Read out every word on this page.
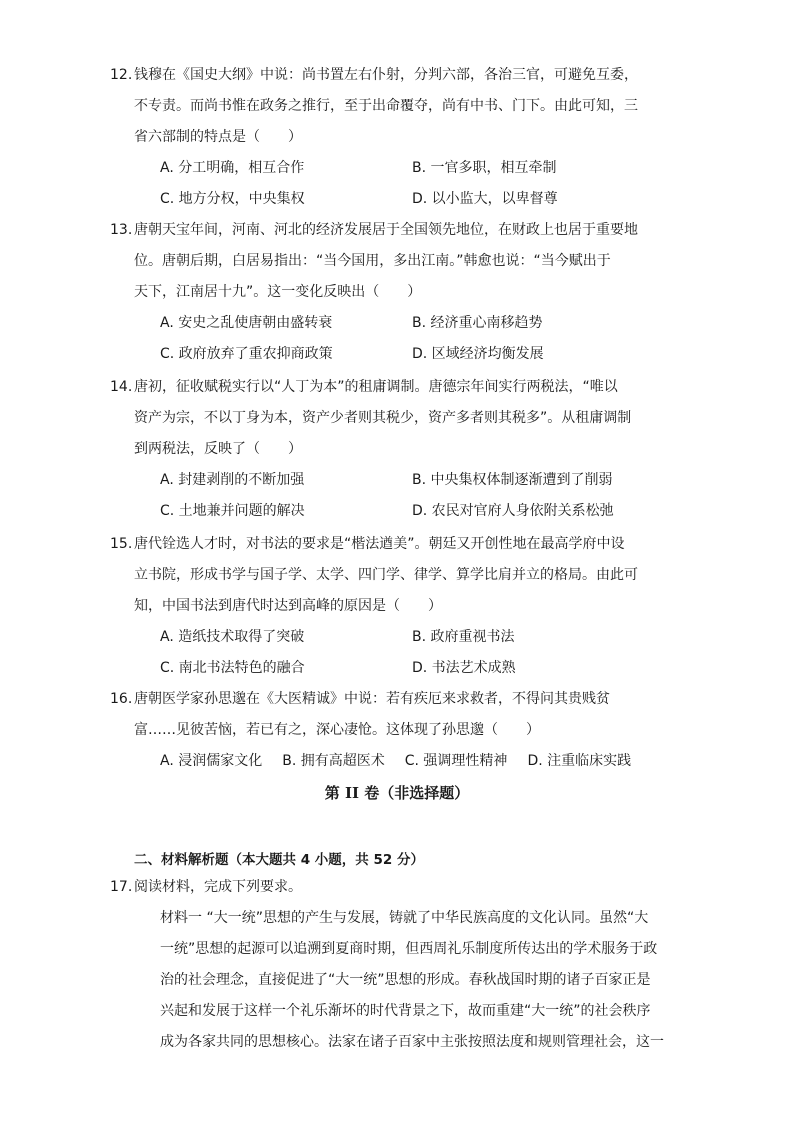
12. 钱穆在《国史大纲》中说：尚书置左右仆射，分判六部，各治三官，可避免互委，
不专责。而尚书惟在政务之推行，至于出命覆夺，尚有中书、门下。由此可知，三
省六部制的特点是（　　）
A. 分工明确，相互合作	B. 一官多职，相互牵制
C. 地方分权，中央集权	D. 以小监大，以卑督尊
13. 唐朝天宝年间，河南、河北的经济发展居于全国领先地位，在财政上也居于重要地
位。唐朝后期，白居易指出：“当今国用，多出江南。”韩愈也说：“当今赋出于
天下，江南居十九”。这一变化反映出（　　）
A. 安史之乱使唐朝由盛转衰	B. 经济重心南移趋势
C. 政府放弃了重农抑商政策	D. 区域经济均衡发展
14. 唐初，征收赋税实行以“人丁为本”的租庸调制。唐德宗年间实行两税法，“唯以
资产为宗，不以丁身为本，资产少者则其税少，资产多者则其税多”。从租庸调制
到两税法，反映了（　　）
A. 封建剥削的不断加强	B. 中央集权体制逐渐遭到了削弱
C. 土地兼并问题的解决	D. 农民对官府人身依附关系松弛
15. 唐代铨选人才时，对书法的要求是“楷法遒美”。朝廷又开创性地在最高学府中设
立书院，形成书学与国子学、太学、四门学、律学、算学比肩并立的格局。由此可
知，中国书法到唐代时达到高峰的原因是（　　）
A. 造纸技术取得了突破	B. 政府重视书法
C. 南北书法特色的融合	D. 书法艺术成熟
16. 唐朝医学家孙思邈在《大医精诚》中说：若有疾厄来求救者，不得问其贵贱贫
富……见彼苦恼，若已有之，深心凄怆。这体现了孙思邈（　　）
A. 浸润儒家文化 B. 拥有高超医术 C. 强调理性精神 D. 注重临床实践
第 II 卷（非选择题）
二、材料解析题（本大题共 4 小题，共 52 分）
17. 阅读材料，完成下列要求。
材料一 “大一统”思想的产生与发展，铸就了中华民族高度的文化认同。虽然“大
一统”思想的起源可以追溯到夏商时期，但西周礼乐制度所传达出的学术服务于政
治的社会理念，直接促进了“大一统”思想的形成。春秋战国时期的诸子百家正是
兴起和发展于这样一个礼乐渐坏的时代背景之下，故而重建“大一统”的社会秩序
成为各家共同的思想核心。法家在诸子百家中主张按照法度和规则管理社会，这一
